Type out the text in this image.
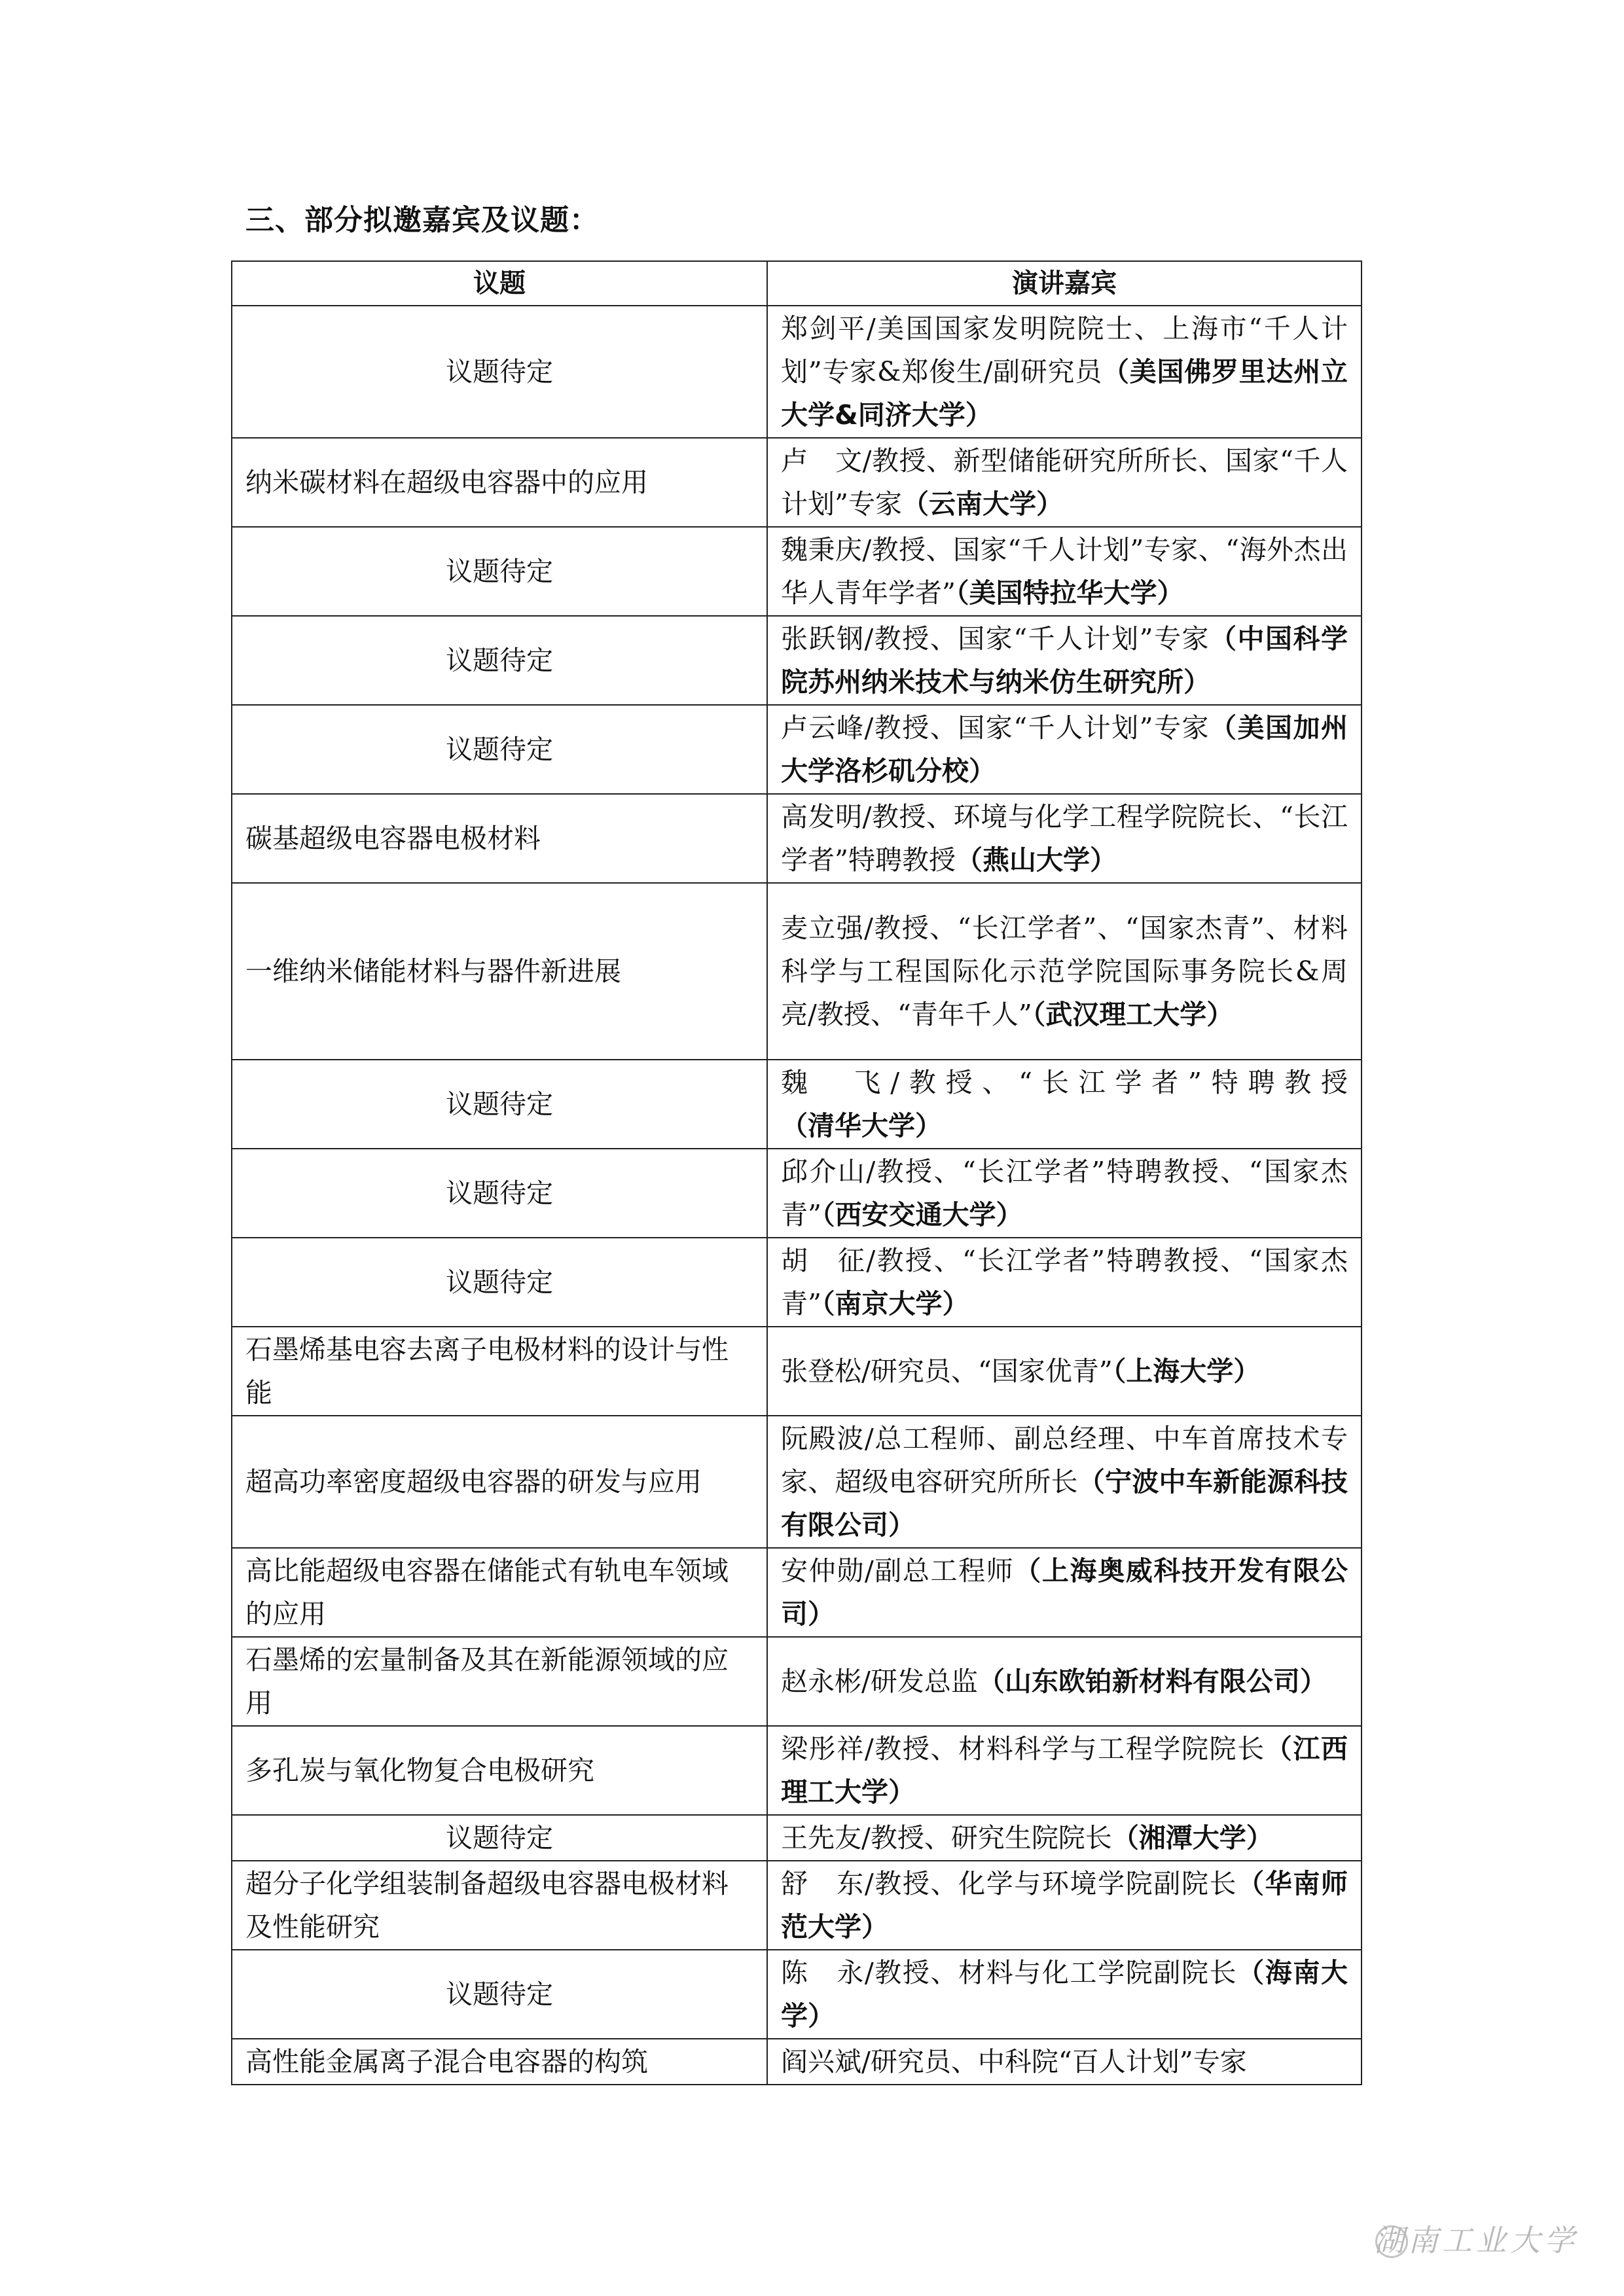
三、部分拟邀嘉宾及议题：
议题	演讲嘉宾
议题待定	郑剑平/美国国家发明院院士、上海市“千人计划”专家&郑俊生/副研究员（美国佛罗里达州立大学&同济大学）
纳米碳材料在超级电容器中的应用	卢　文/教授、新型储能研究所所长、国家“千人计划”专家（云南大学）
议题待定	魏秉庆/教授、国家“千人计划”专家、“海外杰出华人青年学者”（美国特拉华大学）
议题待定	张跃钢/教授、国家“千人计划”专家（中国科学院苏州纳米技术与纳米仿生研究所）
议题待定	卢云峰/教授、国家“千人计划”专家（美国加州大学洛杉矶分校）
碳基超级电容器电极材料	高发明/教授、环境与化学工程学院院长、“长江学者”特聘教授（燕山大学）
一维纳米储能材料与器件新进展	麦立强/教授、“长江学者”、“国家杰青”、材料科学与工程国际化示范学院国际事务院长&周　亮/教授、“青年千人”（武汉理工大学）
议题待定	魏　飞/教授、“长江学者”特聘教授（清华大学）
议题待定	邱介山/教授、“长江学者”特聘教授、“国家杰青”（西安交通大学）
议题待定	胡　征/教授、“长江学者”特聘教授、“国家杰青”（南京大学）
石墨烯基电容去离子电极材料的设计与性能	张登松/研究员、“国家优青”（上海大学）
超高功率密度超级电容器的研发与应用	阮殿波/总工程师、副总经理、中车首席技术专家、超级电容研究所所长（宁波中车新能源科技有限公司）
高比能超级电容器在储能式有轨电车领域的应用	安仲勋/副总工程师（上海奥威科技开发有限公司）
石墨烯的宏量制备及其在新能源领域的应用	赵永彬/研发总监（山东欧铂新材料有限公司）
多孔炭与氧化物复合电极研究	梁彤祥/教授、材料科学与工程学院院长（江西理工大学）
议题待定	王先友/教授、研究生院院长（湘潭大学）
超分子化学组装制备超级电容器电极材料及性能研究	舒　东/教授、化学与环境学院副院长（华南师范大学）
议题待定	陈　永/教授、材料与化工学院副院长（海南大学）
高性能金属离子混合电容器的构筑	阎兴斌/研究员、中科院“百人计划”专家
湖南工业大学
